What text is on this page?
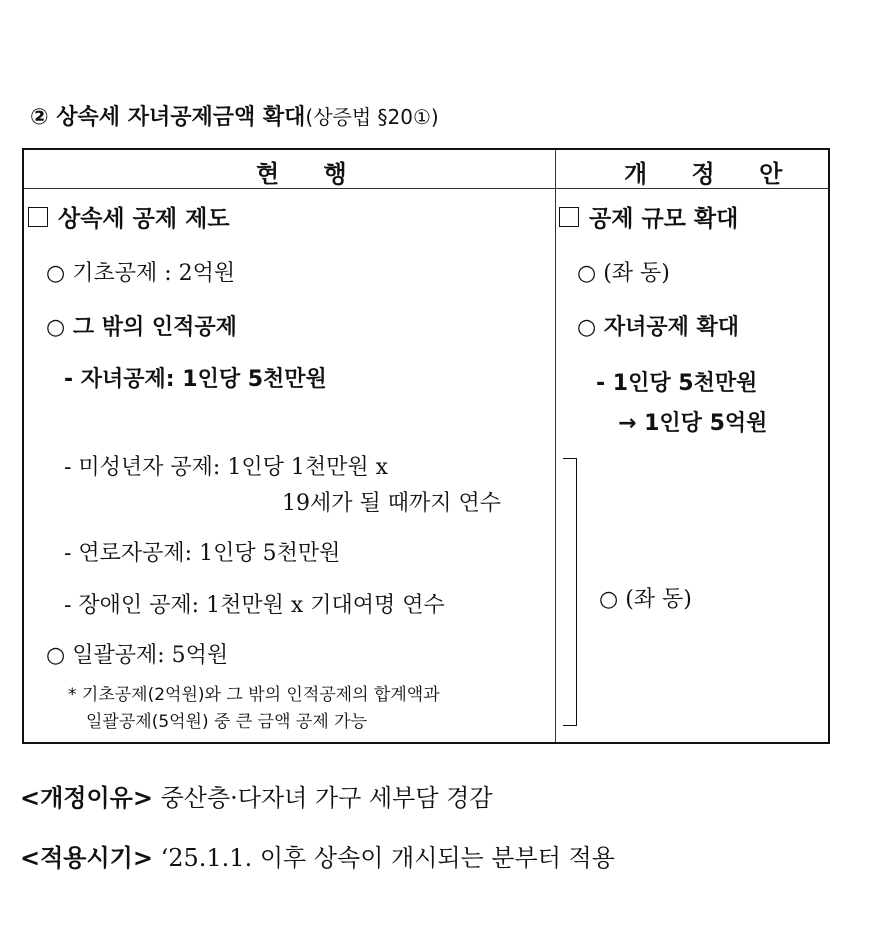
② 상속세 자녀공제금액 확대(상증법 §20①)
현 행	개 정 안
상속세 공제 제도
○ 기초공제 : 2억원
○ 그 밖의 인적공제
- 자녀공제: 1인당 5천만원
- 미성년자 공제: 1인당 1천만원 x
19세가 될 때까지 연수
- 연로자공제: 1인당 5천만원
- 장애인 공제: 1천만원 x 기대여명 연수
○ 일괄공제: 5억원
* 기초공제(2억원)와 그 밖의 인적공제의 합계액과
일괄공제(5억원) 중 큰 금액 공제 가능
공제 규모 확대
○ (좌 동)
○ 자녀공제 확대
- 1인당 5천만원
→ 1인당 5억원
○ (좌 동)
<개정이유> 중산층·다자녀 가구 세부담 경감
<적용시기> ‘25.1.1. 이후 상속이 개시되는 분부터 적용
